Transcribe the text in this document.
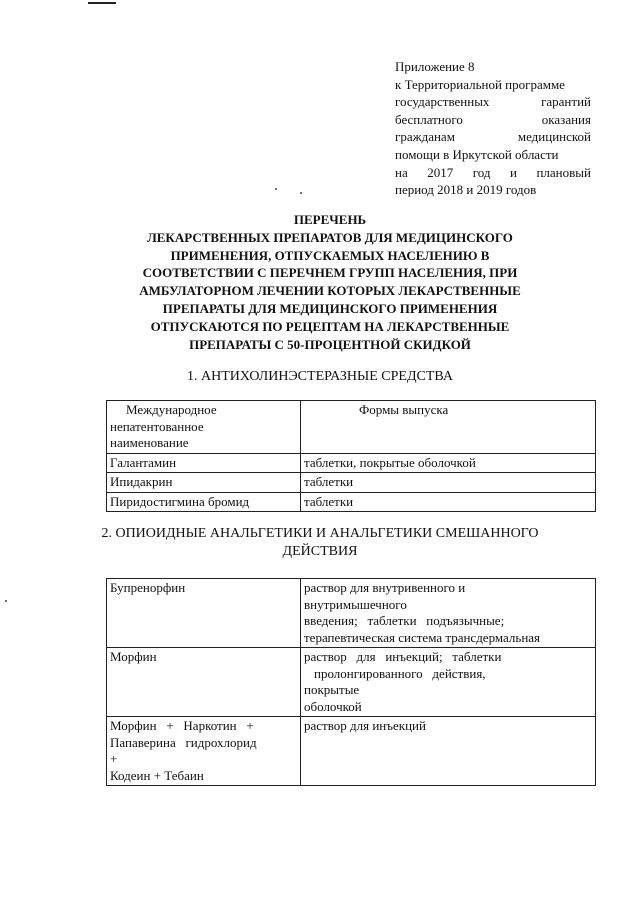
Приложение 8
к Территориальной программе
государственных	гарантий
бесплатного	оказания
гражданам	медицинской
помощи в Иркутской области
на 2017 год и плановый
период 2018 и 2019 годов
ПЕРЕЧЕНЬ
ЛЕКАРСТВЕННЫХ ПРЕПАРАТОВ ДЛЯ МЕДИЦИНСКОГО
ПРИМЕНЕНИЯ, ОТПУСКАЕМЫХ НАСЕЛЕНИЮ В
СООТВЕТСТВИИ С ПЕРЕЧНЕМ ГРУПП НАСЕЛЕНИЯ, ПРИ
АМБУЛАТОРНОМ ЛЕЧЕНИИ КОТОРЫХ ЛЕКАРСТВЕННЫЕ
ПРЕПАРАТЫ ДЛЯ МЕДИЦИНСКОГО ПРИМЕНЕНИЯ
ОТПУСКАЮТСЯ ПО РЕЦЕПТАМ НА ЛЕКАРСТВЕННЫЕ
ПРЕПАРАТЫ С 50-ПРОЦЕНТНОЙ СКИДКОЙ
1. АНТИХОЛИНЭСТЕРАЗНЫЕ СРЕДСТВА
Международное
непатентованное
наименование	Формы выпуска
Галантамин	таблетки, покрытые оболочкой
Ипидакрин	таблетки
Пиридостигмина бромид	таблетки
2. ОПИОИДНЫЕ АНАЛЬГЕТИКИ И АНАЛЬГЕТИКИ СМЕШАННОГО
ДЕЙСТВИЯ
Бупренорфин	раствор для внутривенного и
внутримышечного
введения;   таблетки   подъязычные;
терапевтическая система трансдермальная

Морфин	раствор   для   инъекций;   таблетки
пролонгированного   действия,
покрытые
оболочкой

Морфин   +   Наркотин   +
Папаверина   гидрохлорид
+
Кодеин + Тебаин	раствор для инъекций
